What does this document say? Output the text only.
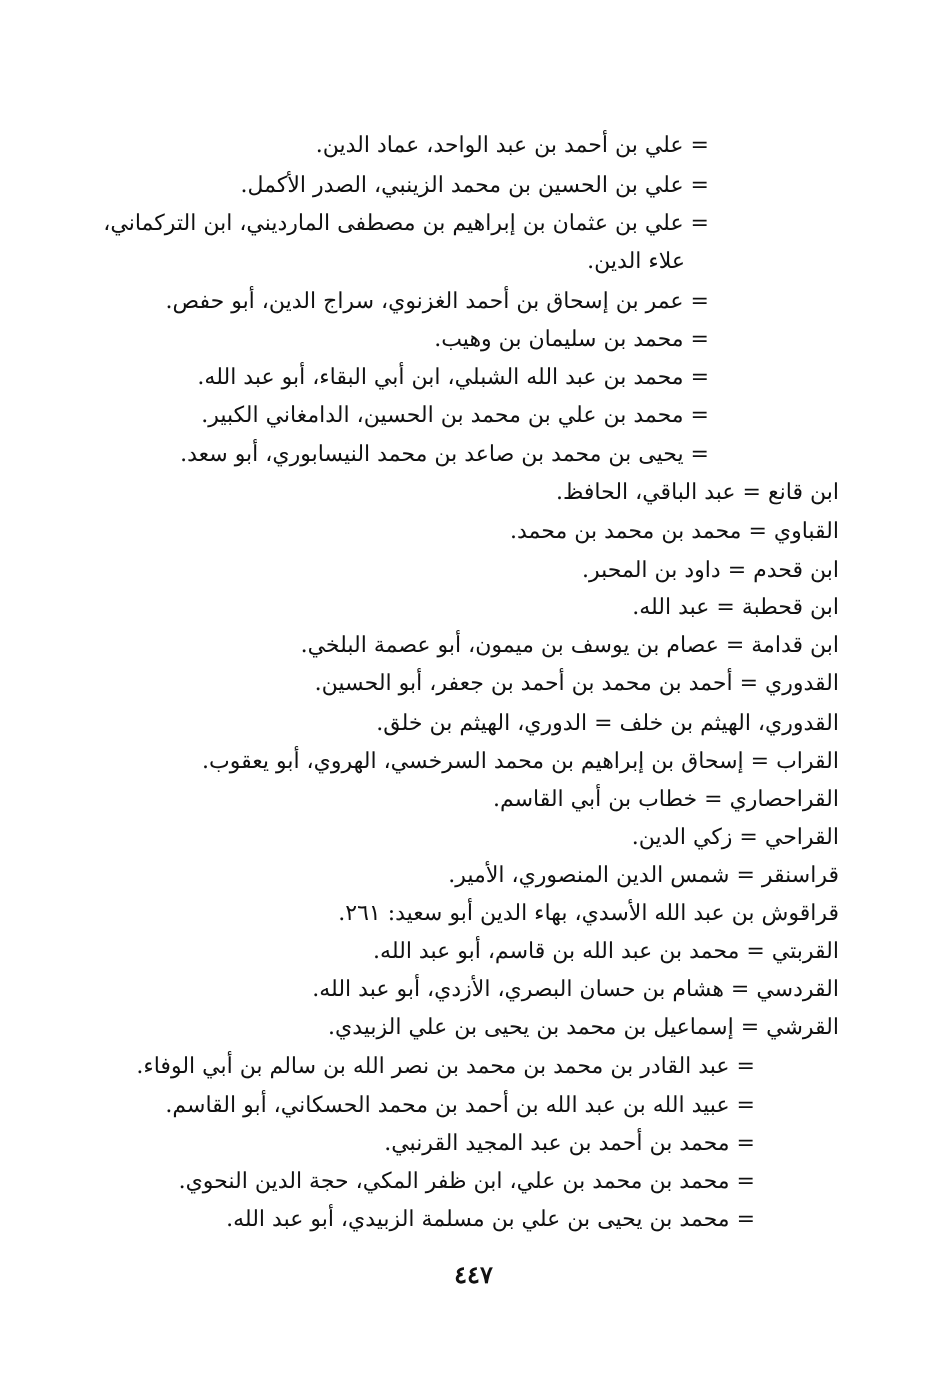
= علي بن أحمد بن عبد الواحد، عماد الدين.
= علي بن الحسين بن محمد الزينبي، الصدر الأكمل.
= علي بن عثمان بن إبراهيم بن مصطفى المارديني، ابن التركماني،
علاء الدين.
= عمر بن إسحاق بن أحمد الغزنوي، سراج الدين، أبو حفص.
= محمد بن سليمان بن وهيب.
= محمد بن عبد الله الشبلي، ابن أبي البقاء، أبو عبد الله.
= محمد بن علي بن محمد بن الحسين، الدامغاني الكبير.
= يحيى بن محمد بن صاعد بن محمد النيسابوري، أبو سعد.
ابن قانع = عبد الباقي، الحافظ.
القباوي = محمد بن محمد بن محمد.
ابن قحدم = داود بن المحبر.
ابن قحطبة = عبد الله.
ابن قدامة = عصام بن يوسف بن ميمون، أبو عصمة البلخي.
القدوري = أحمد بن محمد بن أحمد بن جعفر، أبو الحسين.
القدوري، الهيثم بن خلف = الدوري، الهيثم بن خلق.
القراب = إسحاق بن إبراهيم بن محمد السرخسي، الهروي، أبو يعقوب.
القراحصاري = خطاب بن أبي القاسم.
القراحي = زكي الدين.
قراسنقر = شمس الدين المنصوري، الأمير.
قراقوش بن عبد الله الأسدي، بهاء الدين أبو سعيد: ٢٦١.
القربتي = محمد بن عبد الله بن قاسم، أبو عبد الله.
القردسي = هشام بن حسان البصري، الأزدي، أبو عبد الله.
القرشي = إسماعيل بن محمد بن يحيى بن علي الزبيدي.
= عبد القادر بن محمد بن محمد بن نصر الله بن سالم بن أبي الوفاء.
= عبيد الله بن عبد الله بن أحمد بن محمد الحسكاني، أبو القاسم.
= محمد بن أحمد بن عبد المجيد القرنبي.
= محمد بن محمد بن علي، ابن ظفر المكي، حجة الدين النحوي.
= محمد بن يحيى بن علي بن مسلمة الزبيدي، أبو عبد الله.
٤٤٧
